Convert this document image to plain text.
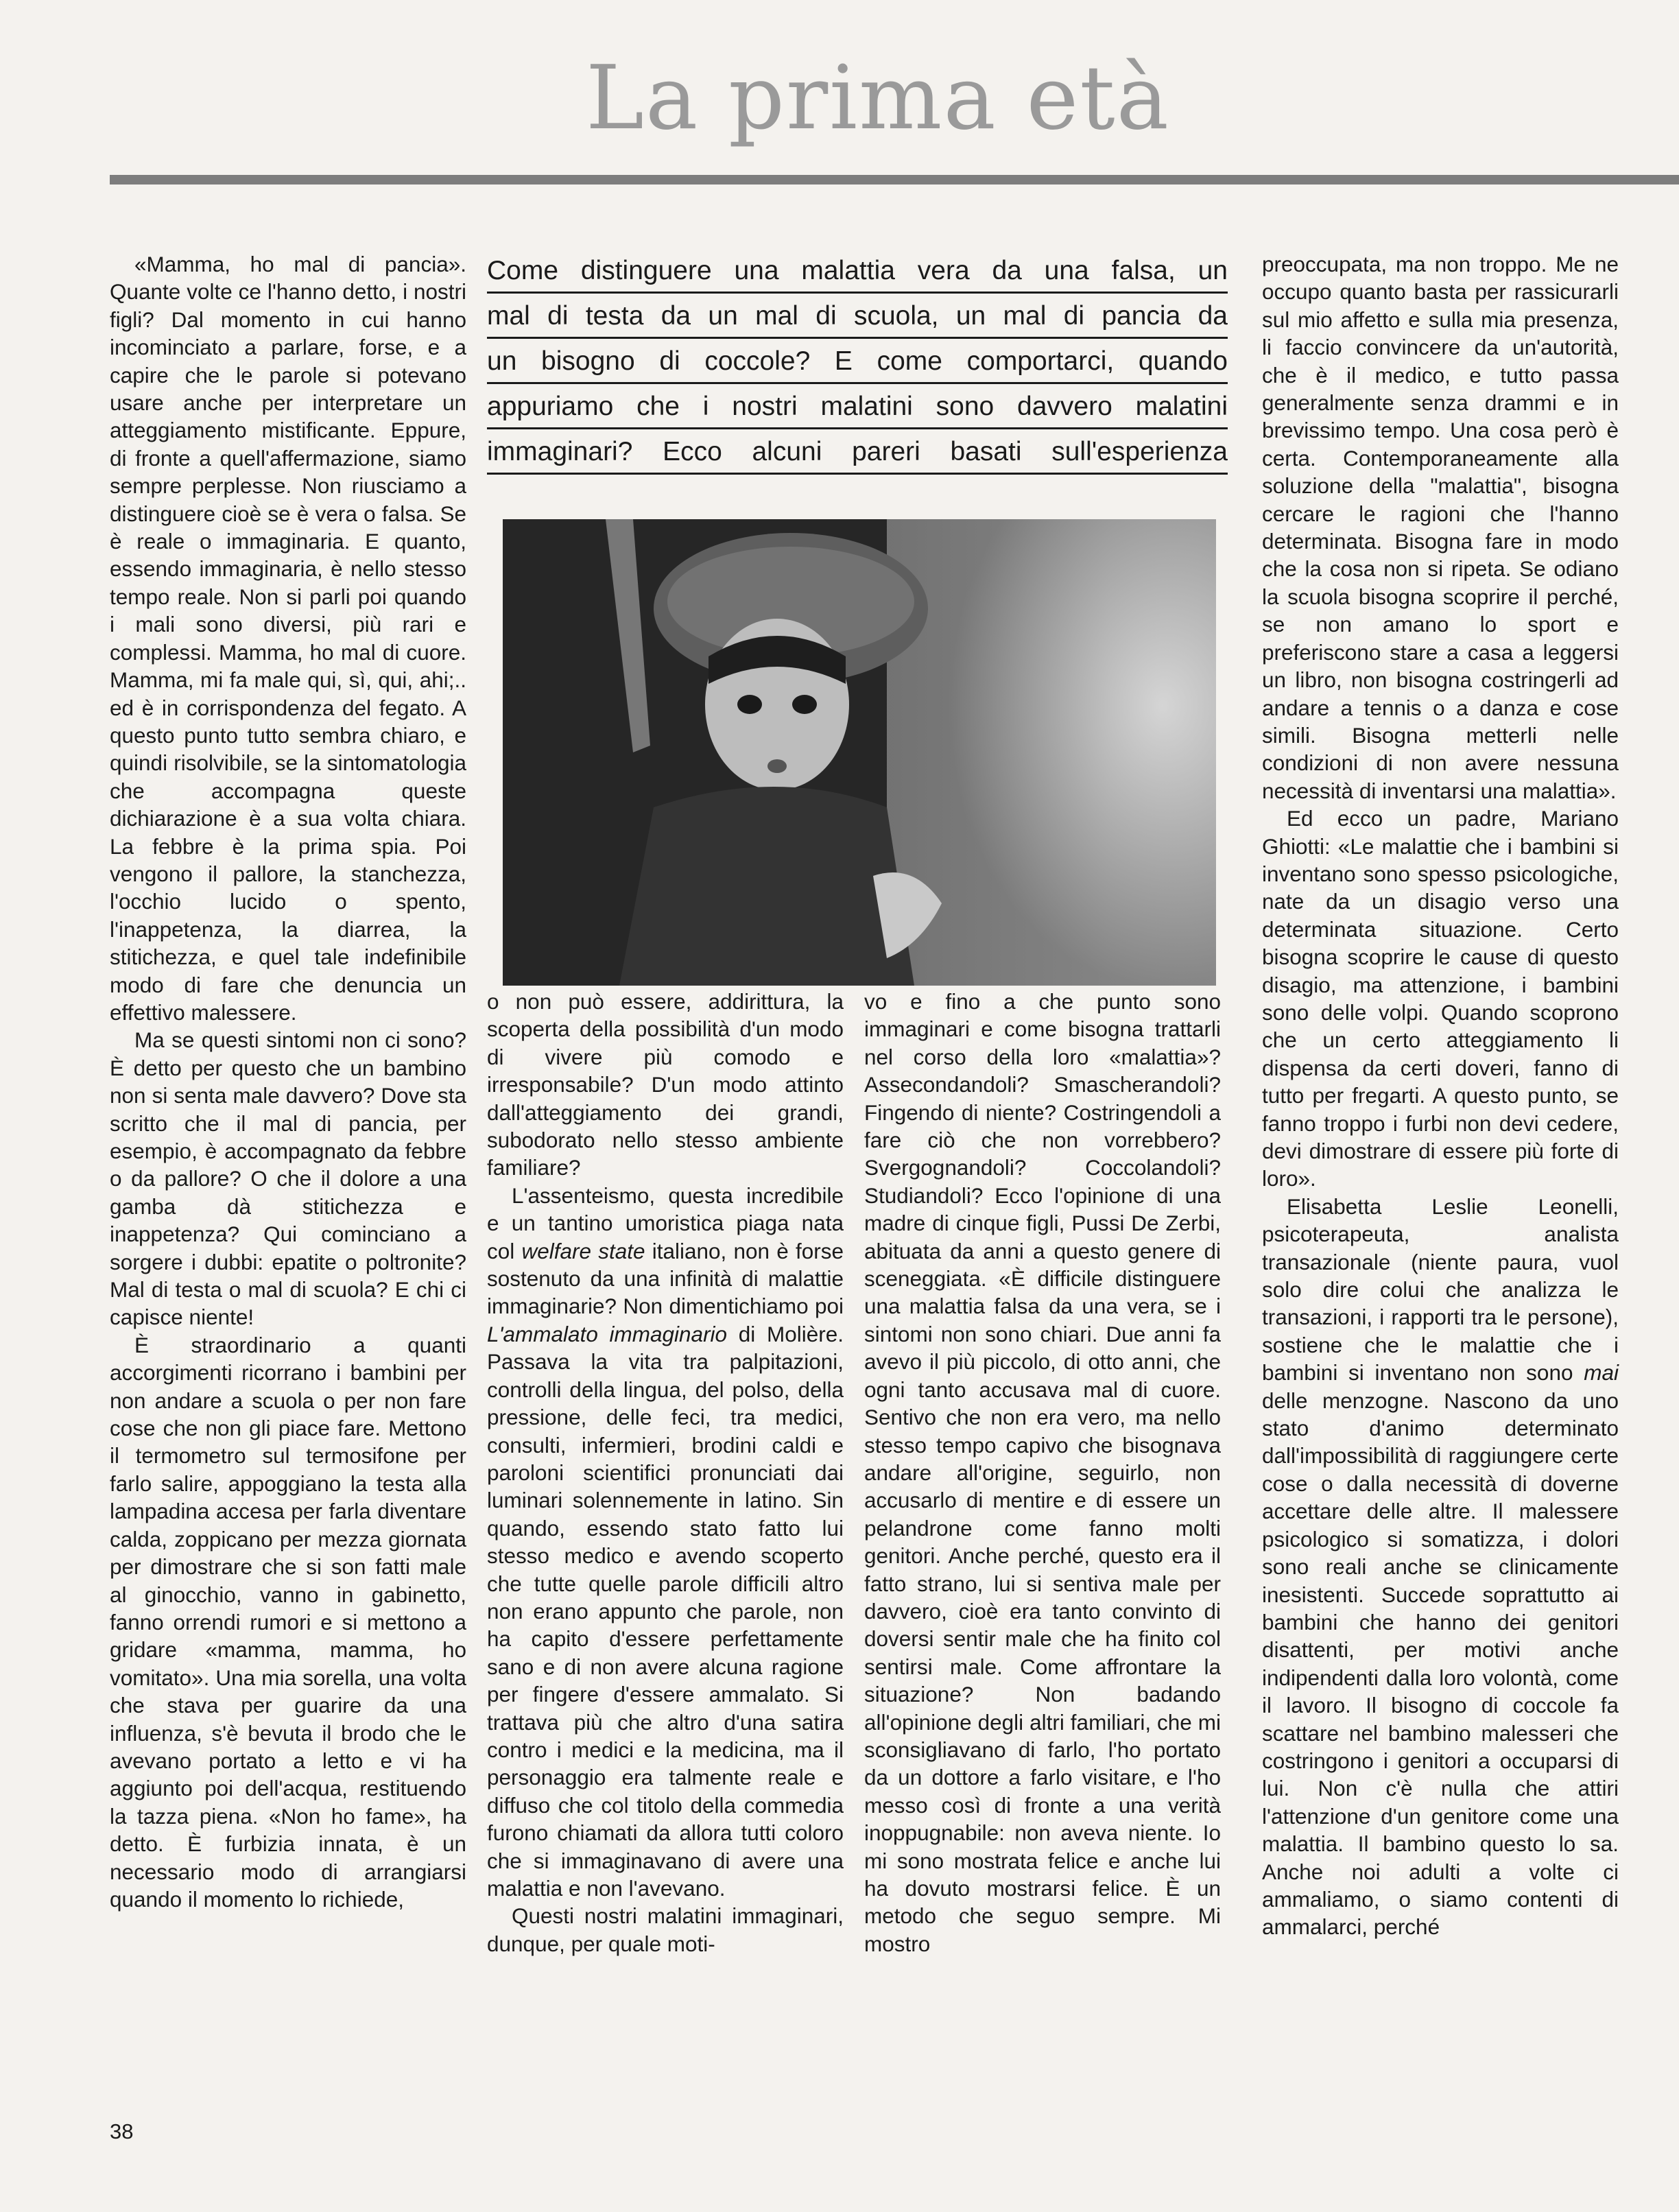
La prima età
Come distinguere una malattia vera da una falsa, un
mal di testa da un mal di scuola, un mal di pancia da
un bisogno di coccole? E come comportarci, quando
appuriamo che i nostri malatini sono davvero malatini
immaginari? Ecco alcuni pareri basati sull'esperienza

«Mamma, ho mal di pancia». Quante volte ce l'hanno detto, i nostri figli? Dal momento in cui hanno incominciato a parlare, forse, e a capire che le parole si potevano usare anche per interpretare un atteggiamento mistificante. Eppure, di fronte a quell'affermazione, siamo sempre perplesse. Non riusciamo a distinguere cioè se è vera o falsa. Se è reale o immaginaria. E quanto, essendo immaginaria, è nello stesso tempo reale. Non si parli poi quando i mali sono diversi, più rari e complessi. Mamma, ho mal di cuore. Mamma, mi fa male qui, sì, qui, ahi;.. ed è in corrispondenza del fegato. A questo punto tutto sembra chiaro, e quindi risolvibile, se la sintomatologia che accompagna queste dichiarazione è a sua volta chiara. La febbre è la prima spia. Poi vengono il pallore, la stanchezza, l'occhio lucido o spento, l'inappetenza, la diarrea, la stitichezza, e quel tale indefinibile modo di fare che denuncia un effettivo malessere.

Ma se questi sintomi non ci sono? È detto per questo che un bambino non si senta male davvero? Dove sta scritto che il mal di pancia, per esempio, è accompagnato da febbre o da pallore? O che il dolore a una gamba dà stitichezza e inappetenza? Qui cominciano a sorgere i dubbi: epatite o poltronite? Mal di testa o mal di scuola? E chi ci capisce niente!

È straordinario a quanti accorgimenti ricorrano i bambini per non andare a scuola o per non fare cose che non gli piace fare. Mettono il termometro sul termosifone per farlo salire, appoggiano la testa alla lampadina accesa per farla diventare calda, zoppicano per mezza giornata per dimostrare che si son fatti male al ginocchio, vanno in gabinetto, fanno orrendi rumori e si mettono a gridare «mamma, mamma, ho vomitato». Una mia sorella, una volta che stava per guarire da una influenza, s'è bevuta il brodo che le avevano portato a letto e vi ha aggiunto poi dell'acqua, restituendo la tazza piena. «Non ho fame», ha detto. È furbizia innata, è un necessario modo di arrangiarsi quando il momento lo richiede,

o non può essere, addirittura, la scoperta della possibilità d'un modo di vivere più comodo e irresponsabile? D'un modo attinto dall'atteggiamento dei grandi, subodorato nello stesso ambiente familiare?

L'assenteismo, questa incredibile e un tantino umoristica piaga nata col welfare state italiano, non è forse sostenuto da una infinità di malattie immaginarie? Non dimentichiamo poi L'ammalato immaginario di Molière. Passava la vita tra palpitazioni, controlli della lingua, del polso, della pressione, delle feci, tra medici, consulti, infermieri, brodini caldi e paroloni scientifici pronunciati dai luminari solennemente in latino. Sin quando, essendo stato fatto lui stesso medico e avendo scoperto che tutte quelle parole difficili altro non erano appunto che parole, non ha capito d'essere perfettamente sano e di non avere alcuna ragione per fingere d'essere ammalato. Si trattava più che altro d'una satira contro i medici e la medicina, ma il personaggio era talmente reale e diffuso che col titolo della commedia furono chiamati da allora tutti coloro che si immaginavano di avere una malattia e non l'avevano.

Questi nostri malatini immaginari, dunque, per quale moti-

vo e fino a che punto sono immaginari e come bisogna trattarli nel corso della loro «malattia»? Assecondandoli? Smascherandoli? Fingendo di niente? Costringendoli a fare ciò che non vorrebbero? Svergognandoli? Coccolandoli? Studiandoli? Ecco l'opinione di una madre di cinque figli, Pussi De Zerbi, abituata da anni a questo genere di sceneggiata. «È difficile distinguere una malattia falsa da una vera, se i sintomi non sono chiari. Due anni fa avevo il più piccolo, di otto anni, che ogni tanto accusava mal di cuore. Sentivo che non era vero, ma nello stesso tempo capivo che bisognava andare all'origine, seguirlo, non accusarlo di mentire e di essere un pelandrone come fanno molti genitori. Anche perché, questo era il fatto strano, lui si sentiva male per davvero, cioè era tanto convinto di doversi sentir male che ha finito col sentirsi male. Come affrontare la situazione? Non badando all'opinione degli altri familiari, che mi sconsigliavano di farlo, l'ho portato da un dottore a farlo visitare, e l'ho messo così di fronte a una verità inoppugnabile: non aveva niente. Io mi sono mostrata felice e anche lui ha dovuto mostrarsi felice. È un metodo che seguo sempre. Mi mostro

preoccupata, ma non troppo. Me ne occupo quanto basta per rassicurarli sul mio affetto e sulla mia presenza, li faccio convincere da un'autorità, che è il medico, e tutto passa generalmente senza drammi e in brevissimo tempo. Una cosa però è certa. Contemporaneamente alla soluzione della "malattia", bisogna cercare le ragioni che l'hanno determinata. Bisogna fare in modo che la cosa non si ripeta. Se odiano la scuola bisogna scoprire il perché, se non amano lo sport e preferiscono stare a casa a leggersi un libro, non bisogna costringerli ad andare a tennis o a danza e cose simili. Bisogna metterli nelle condizioni di non avere nessuna necessità di inventarsi una malattia».

Ed ecco un padre, Mariano Ghiotti: «Le malattie che i bambini si inventano sono spesso psicologiche, nate da un disagio verso una determinata situazione. Certo bisogna scoprire le cause di questo disagio, ma attenzione, i bambini sono delle volpi. Quando scoprono che un certo atteggiamento li dispensa da certi doveri, fanno di tutto per fregarti. A questo punto, se fanno troppo i furbi non devi cedere, devi dimostrare di essere più forte di loro».

Elisabetta Leslie Leonelli, psicoterapeuta, analista transazionale (niente paura, vuol solo dire colui che analizza le transazioni, i rapporti tra le persone), sostiene che le malattie che i bambini si inventano non sono mai delle menzogne. Nascono da uno stato d'animo determinato dall'impossibilità di raggiungere certe cose o dalla necessità di doverne accettare delle altre. Il malessere psicologico si somatizza, i dolori sono reali anche se clinicamente inesistenti. Succede soprattutto ai bambini che hanno dei genitori disattenti, per motivi anche indipendenti dalla loro volontà, come il lavoro. Il bisogno di coccole fa scattare nel bambino malesseri che costringono i genitori a occuparsi di lui. Non c'è nulla che attiri l'attenzione d'un genitore come una malattia. Il bambino questo lo sa. Anche noi adulti a volte ci ammaliamo, o siamo contenti di ammalarci, perché

38
